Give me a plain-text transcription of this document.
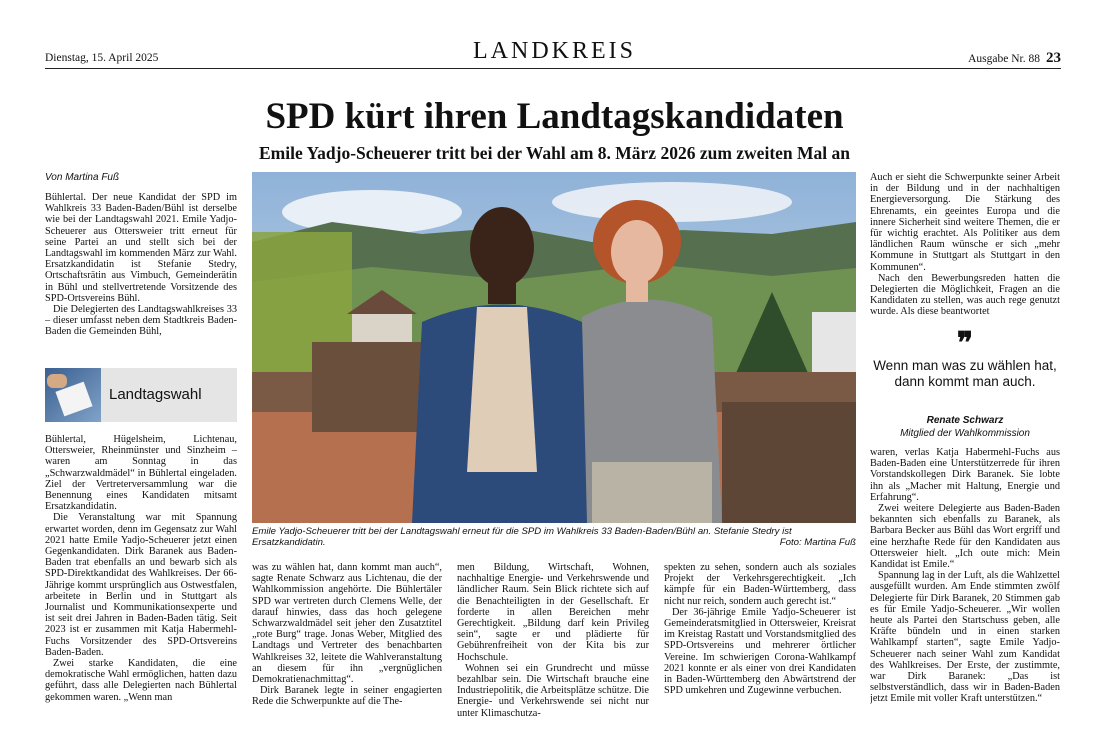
Dienstag, 15. April 2025	LANDKREIS	Ausgabe Nr. 88 23
SPD kürt ihren Landtagskandidaten
Emile Yadjo-Scheuerer tritt bei der Wahl am 8. März 2026 zum zweiten Mal an
Von Martina Fuß

Bühlertal. Der neue Kandidat der SPD im Wahlkreis 33 Baden-Baden/Bühl ist derselbe wie bei der Landtagswahl 2021. Emile Yadjo-Scheuerer aus Ottersweier tritt erneut für seine Partei an und stellt sich bei der Landtagswahl im kommenden März zur Wahl. Ersatzkandidatin ist Stefanie Stedry, Ortschaftsrätin aus Vimbuch, Gemeinderätin in Bühl und stellvertretende Vorsitzende des SPD-Ortsvereins Bühl.

Die Delegierten des Landtagswahlkreises 33 – dieser umfasst neben dem Stadtkreis Baden-Baden die Gemeinden Bühl,

Landtagswahl

Bühlertal, Hügelsheim, Lichtenau, Ottersweier, Rheinmünster und Sinzheim – waren am Sonntag in das „Schwarzwaldmädel“ in Bühlertal eingeladen. Ziel der Vertreterversammlung war die Benennung eines Kandidaten mitsamt Ersatzkandidatin.

Die Veranstaltung war mit Spannung erwartet worden, denn im Gegensatz zur Wahl 2021 hatte Emile Yadjo-Scheuerer jetzt einen Gegenkandidaten. Dirk Baranek aus Baden-Baden trat ebenfalls an und bewarb sich als SPD-Direktkandidat des Wahlkreises. Der 66-Jährige kommt ursprünglich aus Ostwestfalen, arbeitete in Berlin und in Stuttgart als Journalist und Kommunikationsexperte und ist seit drei Jahren in Baden-Baden tätig. Seit 2023 ist er zusammen mit Katja Habermehl-Fuchs Vorsitzender des SPD-Ortsvereins Baden-Baden.

Zwei starke Kandidaten, die eine demokratische Wahl ermöglichen, hatten dazu geführt, dass alle Delegierten nach Bühlertal gekommen waren. „Wenn man

Emile Yadjo-Scheuerer tritt bei der Landtagswahl erneut für die SPD im Wahlkreis 33 Baden-Baden/Bühl an. Stefanie Stedry ist Ersatzkandidatin.	Foto: Martina Fuß

was zu wählen hat, dann kommt man auch“, sagte Renate Schwarz aus Lichtenau, die der Wahlkommission angehörte. Die Bühlertäler SPD war vertreten durch Clemens Welle, der darauf hinwies, dass das hoch gelegene Schwarzwaldmädel seit jeher den Zusatztitel „rote Burg“ trage. Jonas Weber, Mitglied des Landtags und Vertreter des benachbarten Wahlkreises 32, leitete die Wahlveranstaltung an diesem für ihn „vergnüglichen Demokratienachmittag“.

Dirk Baranek legte in seiner engagierten Rede die Schwerpunkte auf die The-

men Bildung, Wirtschaft, Wohnen, nachhaltige Energie- und Verkehrswende und ländlicher Raum. Sein Blick richtete sich auf die Benachteiligten in der Gesellschaft. Er forderte in allen Bereichen mehr Gerechtigkeit. „Bildung darf kein Privileg sein“, sagte er und plädierte für Gebührenfreiheit von der Kita bis zur Hochschule.

Wohnen sei ein Grundrecht und müsse bezahlbar sein. Die Wirtschaft brauche eine Industriepolitik, die Arbeitsplätze schütze. Die Energie- und Verkehrswende sei nicht nur unter Klimaschutza-

spekten zu sehen, sondern auch als soziales Projekt der Verkehrsgerechtigkeit. „Ich kämpfe für ein Baden-Württemberg, dass nicht nur reich, sondern auch gerecht ist.“

Der 36-jährige Emile Yadjo-Scheuerer ist Gemeinderatsmitglied in Ottersweier, Kreisrat im Kreistag Rastatt und Vorstandsmitglied des SPD-Ortsvereins und mehrerer örtlicher Vereine. Im schwierigen Corona-Wahlkampf 2021 konnte er als einer von drei Kandidaten in Baden-Württemberg den Abwärtstrend der SPD umkehren und Zugewinne verbuchen.

Auch er sieht die Schwerpunkte seiner Arbeit in der Bildung und in der nachhaltigen Energieversorgung. Die Stärkung des Ehrenamts, ein geeintes Europa und die innere Sicherheit sind weitere Themen, die er für wichtig erachtet. Als Politiker aus dem ländlichen Raum wünsche er sich „mehr Kommune in Stuttgart als Stuttgart in den Kommunen“.

Nach den Bewerbungsreden hatten die Delegierten die Möglichkeit, Fragen an die Kandidaten zu stellen, was auch rege genutzt wurde. Als diese beantwortet

❞
Wenn man was zu wählen hat, dann kommt man auch.
Renate Schwarz
Mitglied der Wahlkommission

waren, verlas Katja Habermehl-Fuchs aus Baden-Baden eine Unterstützerrede für ihren Vorstandskollegen Dirk Baranek. Sie lobte ihn als „Macher mit Haltung, Energie und Erfahrung“.

Zwei weitere Delegierte aus Baden-Baden bekannten sich ebenfalls zu Baranek, als Barbara Becker aus Bühl das Wort ergriff und eine herzhafte Rede für den Kandidaten aus Ottersweier hielt. „Ich oute mich: Mein Kandidat ist Emile.“

Spannung lag in der Luft, als die Wahlzettel ausgefüllt wurden. Am Ende stimmten zwölf Delegierte für Dirk Baranek, 20 Stimmen gab es für Emile Yadjo-Scheuerer. „Wir wollen heute als Partei den Startschuss geben, alle Kräfte bündeln und in einen starken Wahlkampf starten“, sagte Emile Yadjo-Scheuerer nach seiner Wahl zum Kandidat des Wahlkreises. Der Erste, der zustimmte, war Dirk Baranek: „Das ist selbstverständlich, dass wir in Baden-Baden jetzt Emile mit voller Kraft unterstützen.“
